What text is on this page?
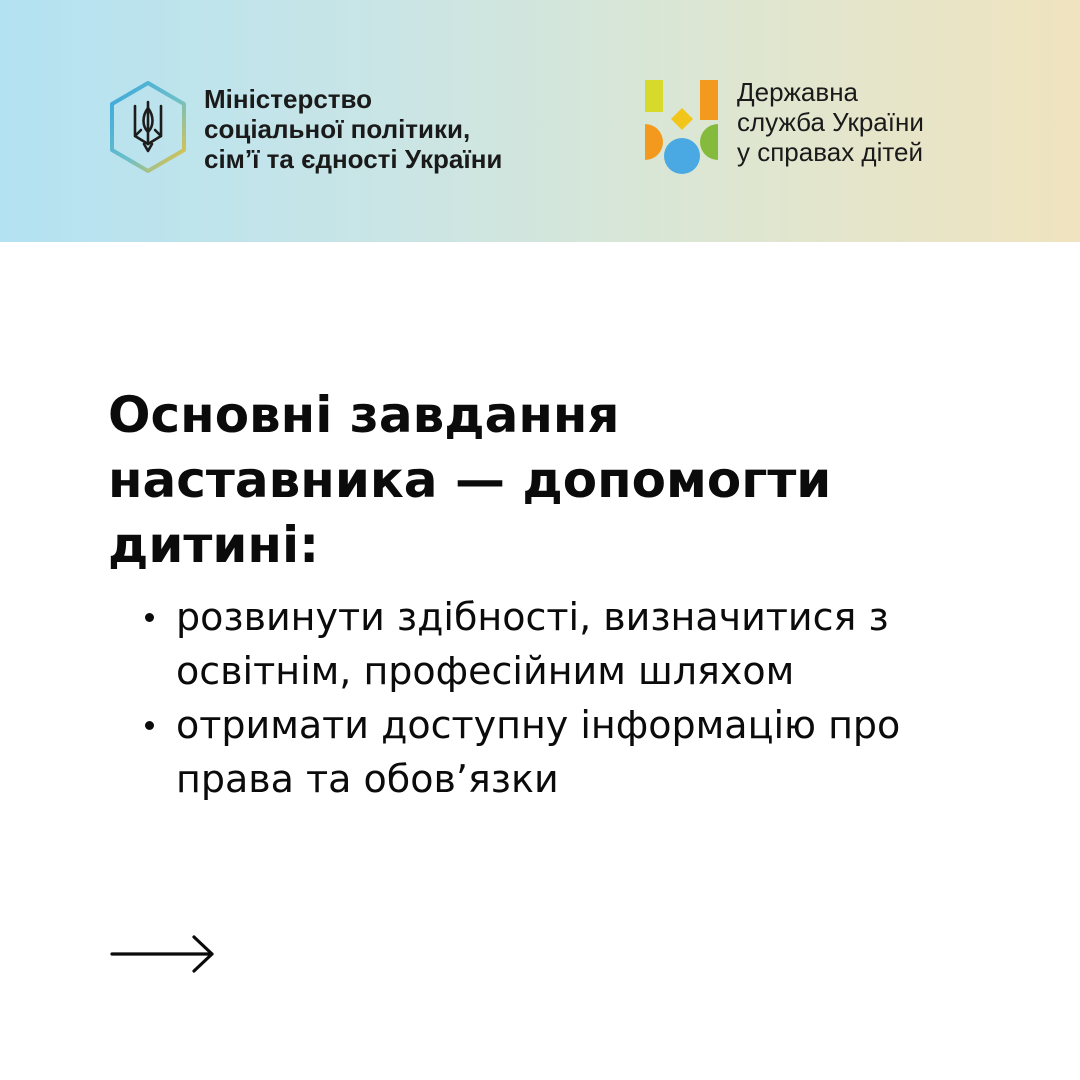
Міністерство
соціальної політики,
сім’ї та єдності України
Державна
служба України
у справах дітей
Основні завдання
наставника — допомогти
дитині:
розвинути здібності, визначитися з
освітнім, професійним шляхом
отримати доступну інформацію про
права та обов’язки
